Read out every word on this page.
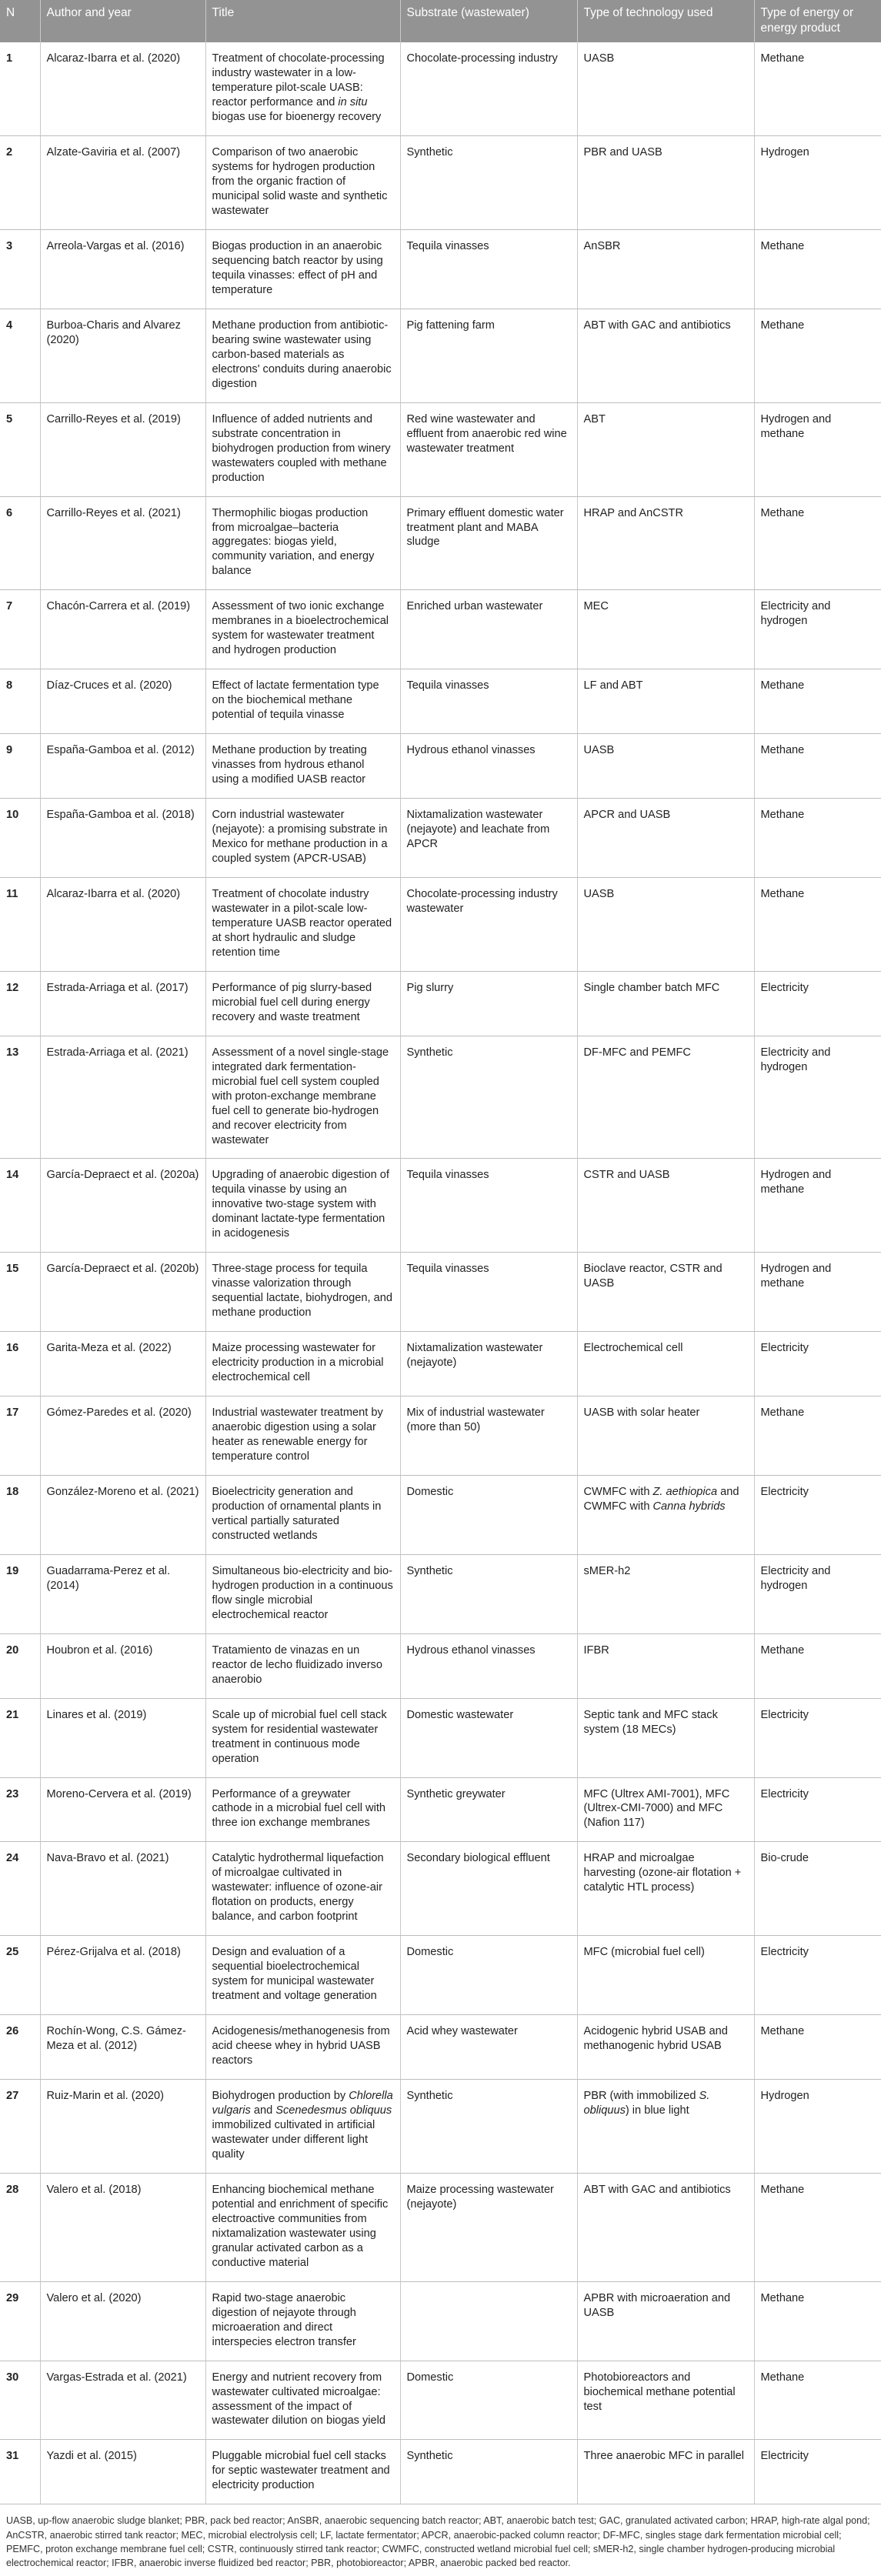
N	Author and year	Title	Substrate (wastewater)	Type of technology used	Type of energy or energy product
1	Alcaraz-Ibarra et al. (2020)	Treatment of chocolate-processing industry wastewater in a low-temperature pilot-scale UASB: reactor performance and in situ biogas use for bioenergy recovery	Chocolate-processing industry	UASB	Methane
2	Alzate-Gaviria et al. (2007)	Comparison of two anaerobic systems for hydrogen production from the organic fraction of municipal solid waste and synthetic wastewater	Synthetic	PBR and UASB	Hydrogen
3	Arreola-Vargas et al. (2016)	Biogas production in an anaerobic sequencing batch reactor by using tequila vinasses: effect of pH and temperature	Tequila vinasses	AnSBR	Methane
4	Burboa-Charis and Alvarez (2020)	Methane production from antibiotic-bearing swine wastewater using carbon-based materials as electrons' conduits during anaerobic digestion	Pig fattening farm	ABT with GAC and antibiotics	Methane
5	Carrillo-Reyes et al. (2019)	Influence of added nutrients and substrate concentration in biohydrogen production from winery wastewaters coupled with methane production	Red wine wastewater and effluent from anaerobic red wine wastewater treatment	ABT	Hydrogen and methane
6	Carrillo-Reyes et al. (2021)	Thermophilic biogas production from microalgae–bacteria aggregates: biogas yield, community variation, and energy balance	Primary effluent domestic water treatment plant and MABA sludge	HRAP and AnCSTR	Methane
7	Chacón-Carrera et al. (2019)	Assessment of two ionic exchange membranes in a bioelectrochemical system for wastewater treatment and hydrogen production	Enriched urban wastewater	MEC	Electricity and hydrogen
8	Díaz-Cruces et al. (2020)	Effect of lactate fermentation type on the biochemical methane potential of tequila vinasse	Tequila vinasses	LF and ABT	Methane
9	España-Gamboa et al. (2012)	Methane production by treating vinasses from hydrous ethanol using a modified UASB reactor	Hydrous ethanol vinasses	UASB	Methane
10	España-Gamboa et al. (2018)	Corn industrial wastewater (nejayote): a promising substrate in Mexico for methane production in a coupled system (APCR-USAB)	Nixtamalization wastewater (nejayote) and leachate from APCR	APCR and UASB	Methane
11	Alcaraz-Ibarra et al. (2020)	Treatment of chocolate industry wastewater in a pilot-scale low-temperature UASB reactor operated at short hydraulic and sludge retention time	Chocolate-processing industry wastewater	UASB	Methane
12	Estrada-Arriaga et al. (2017)	Performance of pig slurry-based microbial fuel cell during energy recovery and waste treatment	Pig slurry	Single chamber batch MFC	Electricity
13	Estrada-Arriaga et al. (2021)	Assessment of a novel single-stage integrated dark fermentation-microbial fuel cell system coupled with proton-exchange membrane fuel cell to generate bio-hydrogen and recover electricity from wastewater	Synthetic	DF-MFC and PEMFC	Electricity and hydrogen
14	García-Depraect et al. (2020a)	Upgrading of anaerobic digestion of tequila vinasse by using an innovative two-stage system with dominant lactate-type fermentation in acidogenesis	Tequila vinasses	CSTR and UASB	Hydrogen and methane
15	García-Depraect et al. (2020b)	Three-stage process for tequila vinasse valorization through sequential lactate, biohydrogen, and methane production	Tequila vinasses	Bioclave reactor, CSTR and UASB	Hydrogen and methane
16	Garita-Meza et al. (2022)	Maize processing wastewater for electricity production in a microbial electrochemical cell	Nixtamalization wastewater (nejayote)	Electrochemical cell	Electricity
17	Gómez-Paredes et al. (2020)	Industrial wastewater treatment by anaerobic digestion using a solar heater as renewable energy for temperature control	Mix of industrial wastewater (more than 50)	UASB with solar heater	Methane
18	González-Moreno et al. (2021)	Bioelectricity generation and production of ornamental plants in vertical partially saturated constructed wetlands	Domestic	CWMFC with Z. aethiopica and CWMFC with Canna hybrids	Electricity
19	Guadarrama-Perez et al. (2014)	Simultaneous bio-electricity and bio-hydrogen production in a continuous flow single microbial electrochemical reactor	Synthetic	sMER-h2	Electricity and hydrogen
20	Houbron et al. (2016)	Tratamiento de vinazas en un reactor de lecho fluidizado inverso anaerobio	Hydrous ethanol vinasses	IFBR	Methane
21	Linares et al. (2019)	Scale up of microbial fuel cell stack system for residential wastewater treatment in continuous mode operation	Domestic wastewater	Septic tank and MFC stack system (18 MECs)	Electricity
23	Moreno-Cervera et al. (2019)	Performance of a greywater cathode in a microbial fuel cell with three ion exchange membranes	Synthetic greywater	MFC (Ultrex AMI-7001), MFC (Ultrex-CMI-7000) and MFC (Nafion 117)	Electricity
24	Nava-Bravo et al. (2021)	Catalytic hydrothermal liquefaction of microalgae cultivated in wastewater: influence of ozone-air flotation on products, energy balance, and carbon footprint	Secondary biological effluent	HRAP and microalgae harvesting (ozone-air flotation + catalytic HTL process)	Bio-crude
25	Pérez-Grijalva et al. (2018)	Design and evaluation of a sequential bioelectrochemical system for municipal wastewater treatment and voltage generation	Domestic	MFC (microbial fuel cell)	Electricity
26	Rochín-Wong, C.S. Gámez-Meza et al. (2012)	Acidogenesis/methanogenesis from acid cheese whey in hybrid UASB reactors	Acid whey wastewater	Acidogenic hybrid USAB and methanogenic hybrid USAB	Methane
27	Ruiz-Marin et al. (2020)	Biohydrogen production by Chlorella vulgaris and Scenedesmus obliquus immobilized cultivated in artificial wastewater under different light quality	Synthetic	PBR (with immobilized S. obliquus) in blue light	Hydrogen
28	Valero et al. (2018)	Enhancing biochemical methane potential and enrichment of specific electroactive communities from nixtamalization wastewater using granular activated carbon as a conductive material	Maize processing wastewater (nejayote)	ABT with GAC and antibiotics	Methane
29	Valero et al. (2020)	Rapid two-stage anaerobic digestion of nejayote through microaeration and direct interspecies electron transfer		APBR with microaeration and UASB	Methane
30	Vargas-Estrada et al. (2021)	Energy and nutrient recovery from wastewater cultivated microalgae: assessment of the impact of wastewater dilution on biogas yield	Domestic	Photobioreactors and biochemical methane potential test	Methane
31	Yazdi et al. (2015)	Pluggable microbial fuel cell stacks for septic wastewater treatment and electricity production	Synthetic	Three anaerobic MFC in parallel	Electricity
UASB, up-flow anaerobic sludge blanket; PBR, pack bed reactor; AnSBR, anaerobic sequencing batch reactor; ABT, anaerobic batch test; GAC, granulated activated carbon; HRAP, high-rate algal pond; AnCSTR, anaerobic stirred tank reactor; MEC, microbial electrolysis cell; LF, lactate fermentator; APCR, anaerobic-packed column reactor; DF-MFC, singles stage dark fermentation microbial cell; PEMFC, proton exchange membrane fuel cell; CSTR, continuously stirred tank reactor; CWMFC, constructed wetland microbial fuel cell; sMER-h2, single chamber hydrogen-producing microbial electrochemical reactor; IFBR, anaerobic inverse fluidized bed reactor; PBR, photobioreactor; APBR, anaerobic packed bed reactor.
